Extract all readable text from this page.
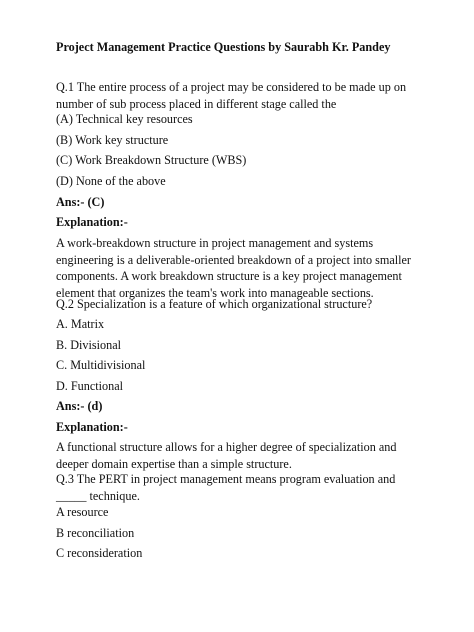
Project Management Practice Questions by Saurabh Kr. Pandey

Q.1 The entire process of a project may be considered to be made up on number of sub process placed in different stage called the

(A) Technical key resources

(B) Work key structure

(C) Work Breakdown Structure (WBS)

(D) None of the above

Ans:- (C)

Explanation:-

A work-breakdown structure in project management and systems engineering is a deliverable-oriented breakdown of a project into smaller components. A work breakdown structure is a key project management element that organizes the team's work into manageable sections.

Q.2 Specialization is a feature of which organizational structure?

A. Matrix

B. Divisional

C. Multidivisional

D. Functional

Ans:- (d)

Explanation:-

A functional structure allows for a higher degree of specialization and deeper domain expertise than a simple structure.

Q.3 The PERT in project management means program evaluation and _____ technique.

A resource

B reconciliation

C reconsideration
